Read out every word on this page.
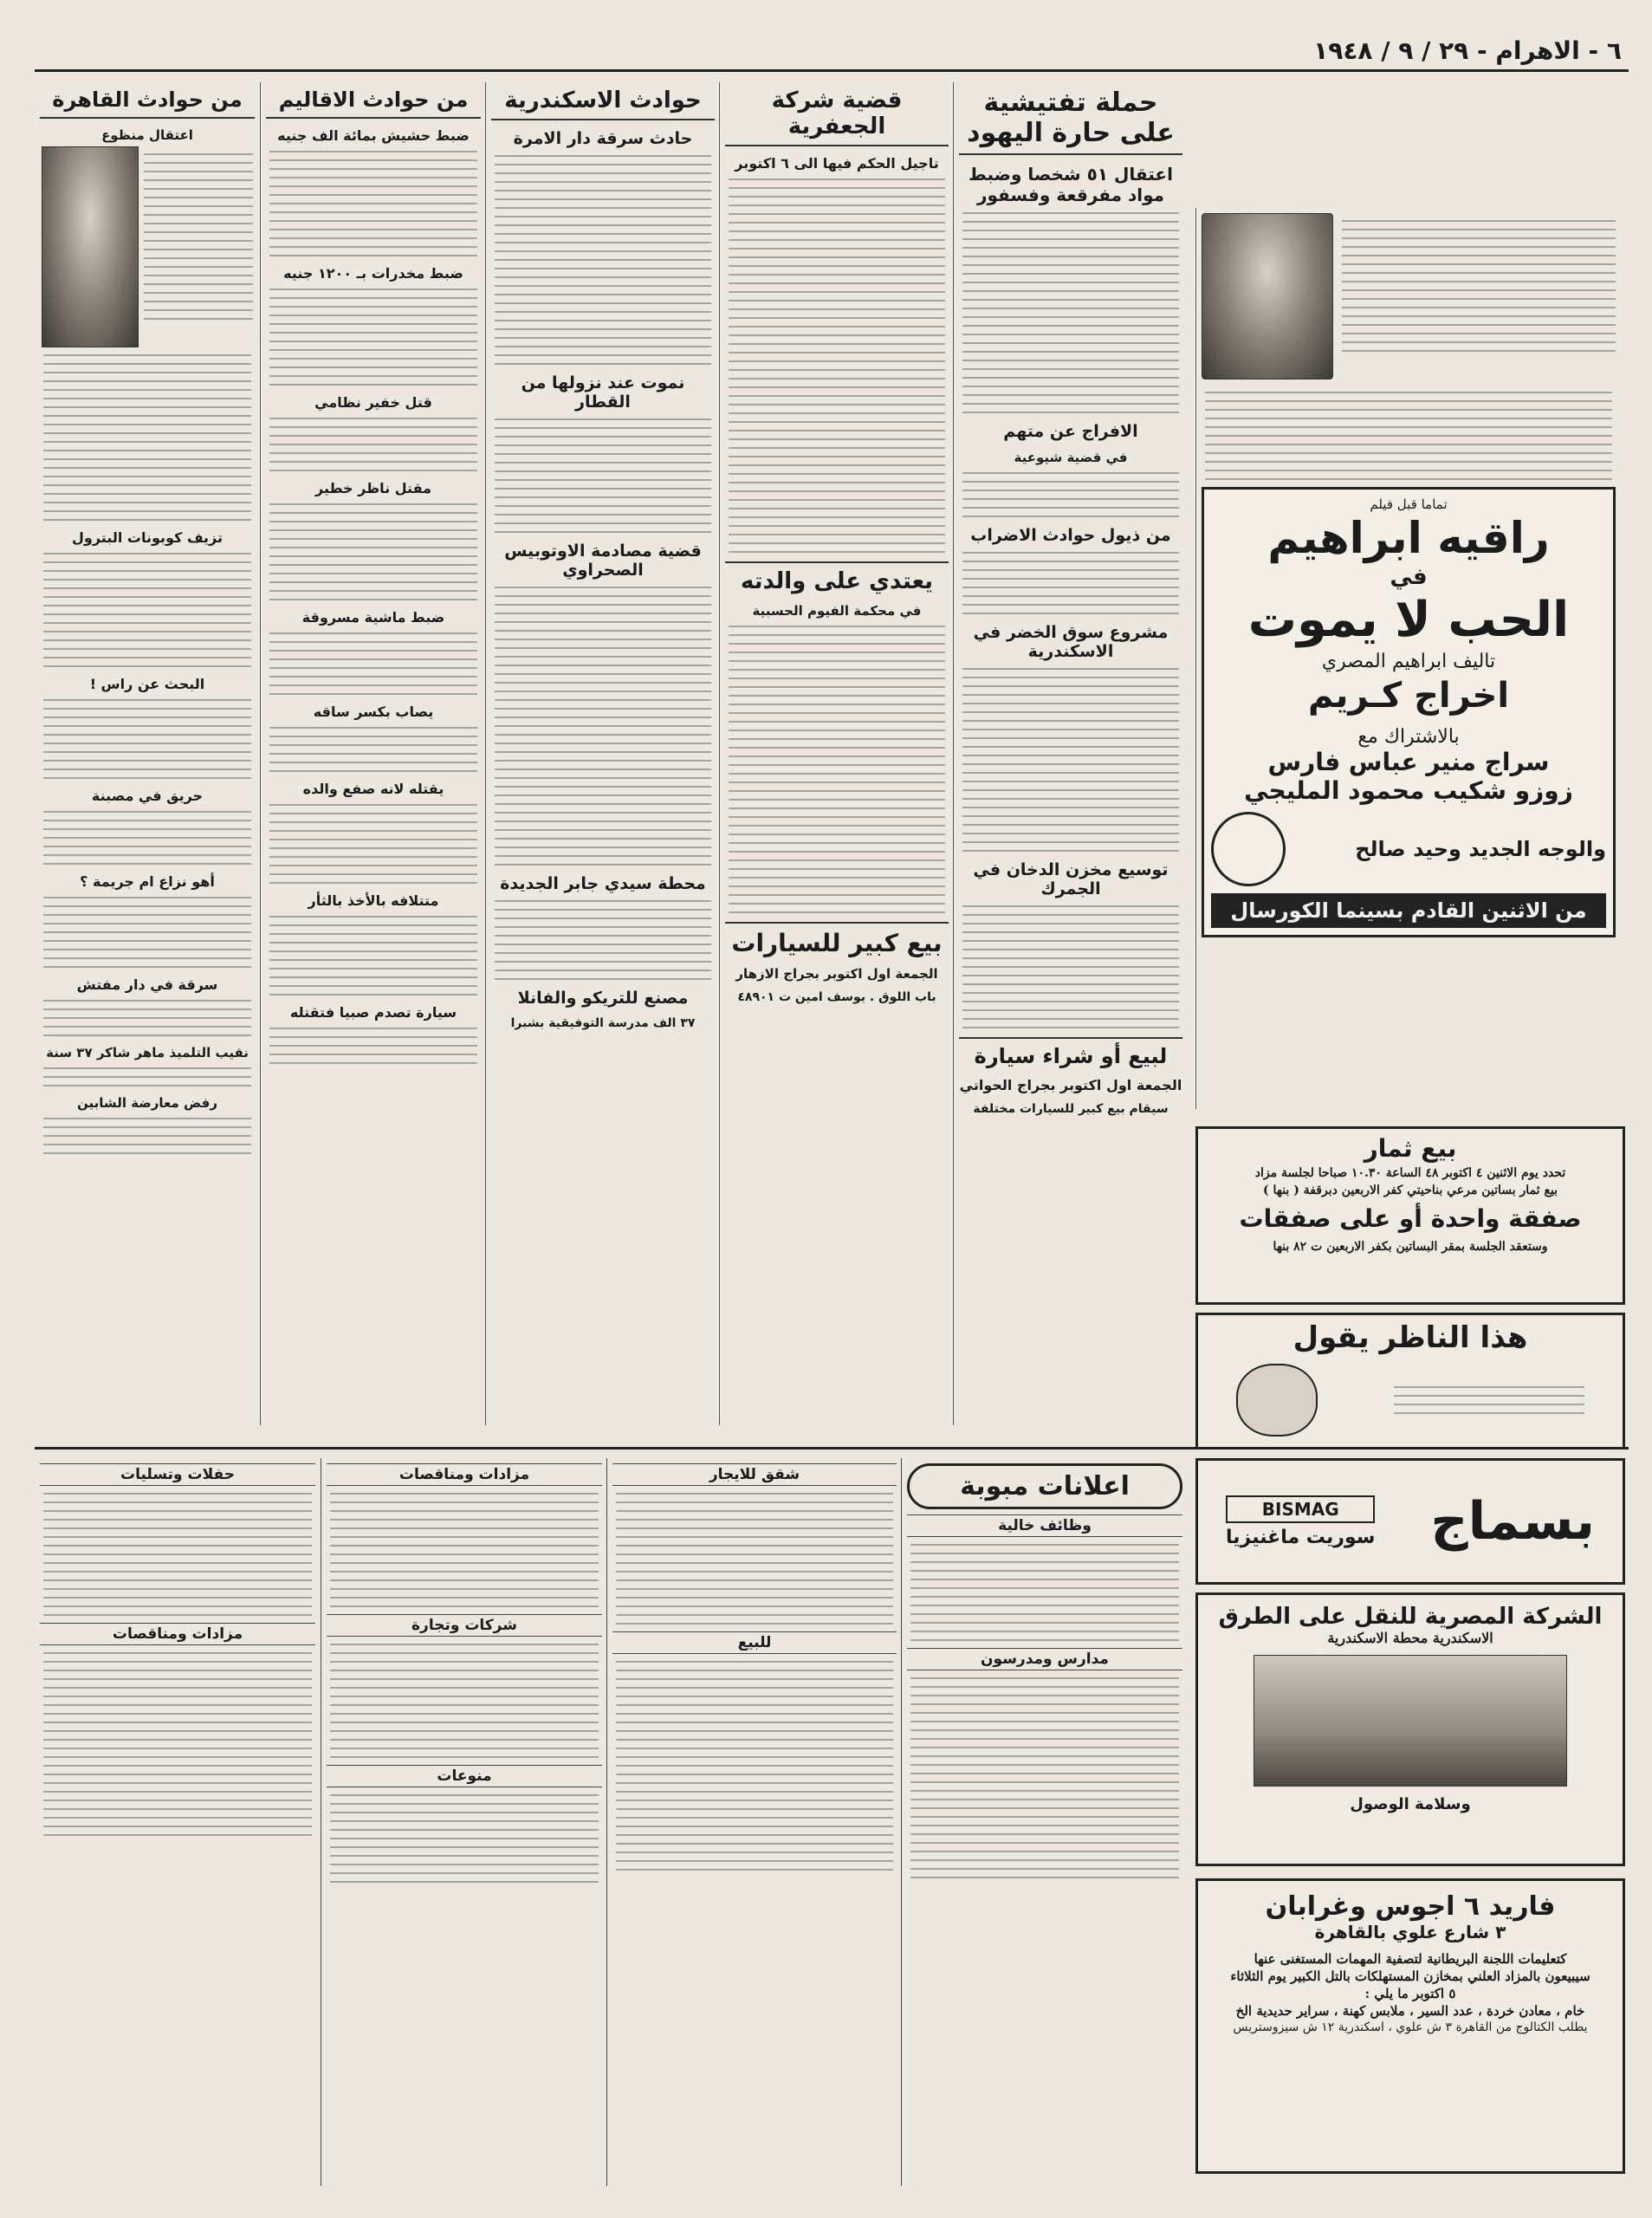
٦ - الاهرام - ٢٩ / ٩ / ١٩٤٨
حملة تفتيشية على حارة اليهود
اعتقال ٥١ شخصا وضبط مواد مفرقعة وفسفور
الافراج عن متهم
في قضية شيوعية
من ذيول حوادث الاضراب
مشروع سوق الخضر في الاسكندرية
توسيع مخزن الدخان في الجمرك
لبيع أو شراء سيارة
الجمعة اول اكتوبر بجراج الحواتي
سيقام بيع كبير للسيارات مختلفة
قضية شركة الجعفرية
تاجيل الحكم فيها الى ٦ اكتوبر
يعتدي على والدته
في محكمة الفيوم الحسبية
بيع كبير للسيارات
الجمعة اول اكتوبر بجراج الازهار
باب اللوق . يوسف امين ت ٤٨٩٠١
حوادث الاسكندرية
حادث سرقة دار الامرة
نموت عند نزولها من القطار
قضية مصادمة الاوتوبيس الصحراوي
محطة سيدي جابر الجديدة
مصنع للتريكو والفانلا
٣٧ الف مدرسة التوفيقية بشبرا
من حوادث الاقاليم
ضبط حشيش بمائة الف جنيه
ضبط مخدرات بـ ١٢٠٠ جنيه
قتل خفير نظامي
مقتل ناظر خطير
ضبط ماشية مسروقة
يصاب بكسر ساقه
يقتله لانه صفع والده
متتلافه بالأخذ بالثأر
سيارة تصدم صبيا فتقتله
من حوادث القاهرة
اعتقال منظوع
تزيف كوبونات البترول
البحث عن راس !
حريق في مصبنة
أهو نزاع ام جريمة ؟
سرقة في دار مفتش
نقيب التلميذ ماهر شاكر ٣٧ سنة
رفض معارضة الشابين
تماما قبل فيلم
راقيه ابراهيم
في
الحب لا يموت
تاليف ابراهيم المصري
اخراج كـريم
بالاشتراك مع
سراج منير عباس فارس
زوزو شكيب محمود المليجي
والوجه الجديد وحيد صالح
من الاثنين القادم بسينما الكورسال
بيع ثمار
تحدد يوم الاثنين ٤ اكتوبر ٤٨ الساعة ١٠.٣٠ صباحا لجلسة مزاد
بيع ثمار بساتين مرعي بناحيتي كفر الاربعين دبرقفة ( بنها )
صفقة واحدة أو على صفقات
وستعقد الجلسة بمقر البساتين بكفر الاربعين ت ٨٢ بنها
هذا الناظر يقول
بسماج
BISMAG
سوريت ماغنيزيا
الشركة المصرية للنقل على الطرق
الاسكندرية محطة الاسكندرية
وسلامة الوصول
فاريد ٦ اجوس وغرابان
٣ شارع علوي بالقاهرة
كتعليمات اللجنة البريطانية لتصفية المهمات المستغنى عنها
سيبيعون بالمزاد العلني بمخازن المستهلكات بالتل الكبير يوم الثلاثاء
٥ اكتوبر ما يلي :
خام ، معادن خردة ، عدد السير ، ملابس كهنة ، سراير حديدية الخ
يطلب الكتالوج من القاهرة ٣ ش علوي ، اسكندرية ١٢ ش سيزوستريس
اعلانات مبوبة
وظائف خالية
مدارس ومدرسون
شقق للايجار
للبيع
مزادات ومناقصات
شركات وتجارة
منوعات
حفلات وتسليات
مزادات ومناقصات
